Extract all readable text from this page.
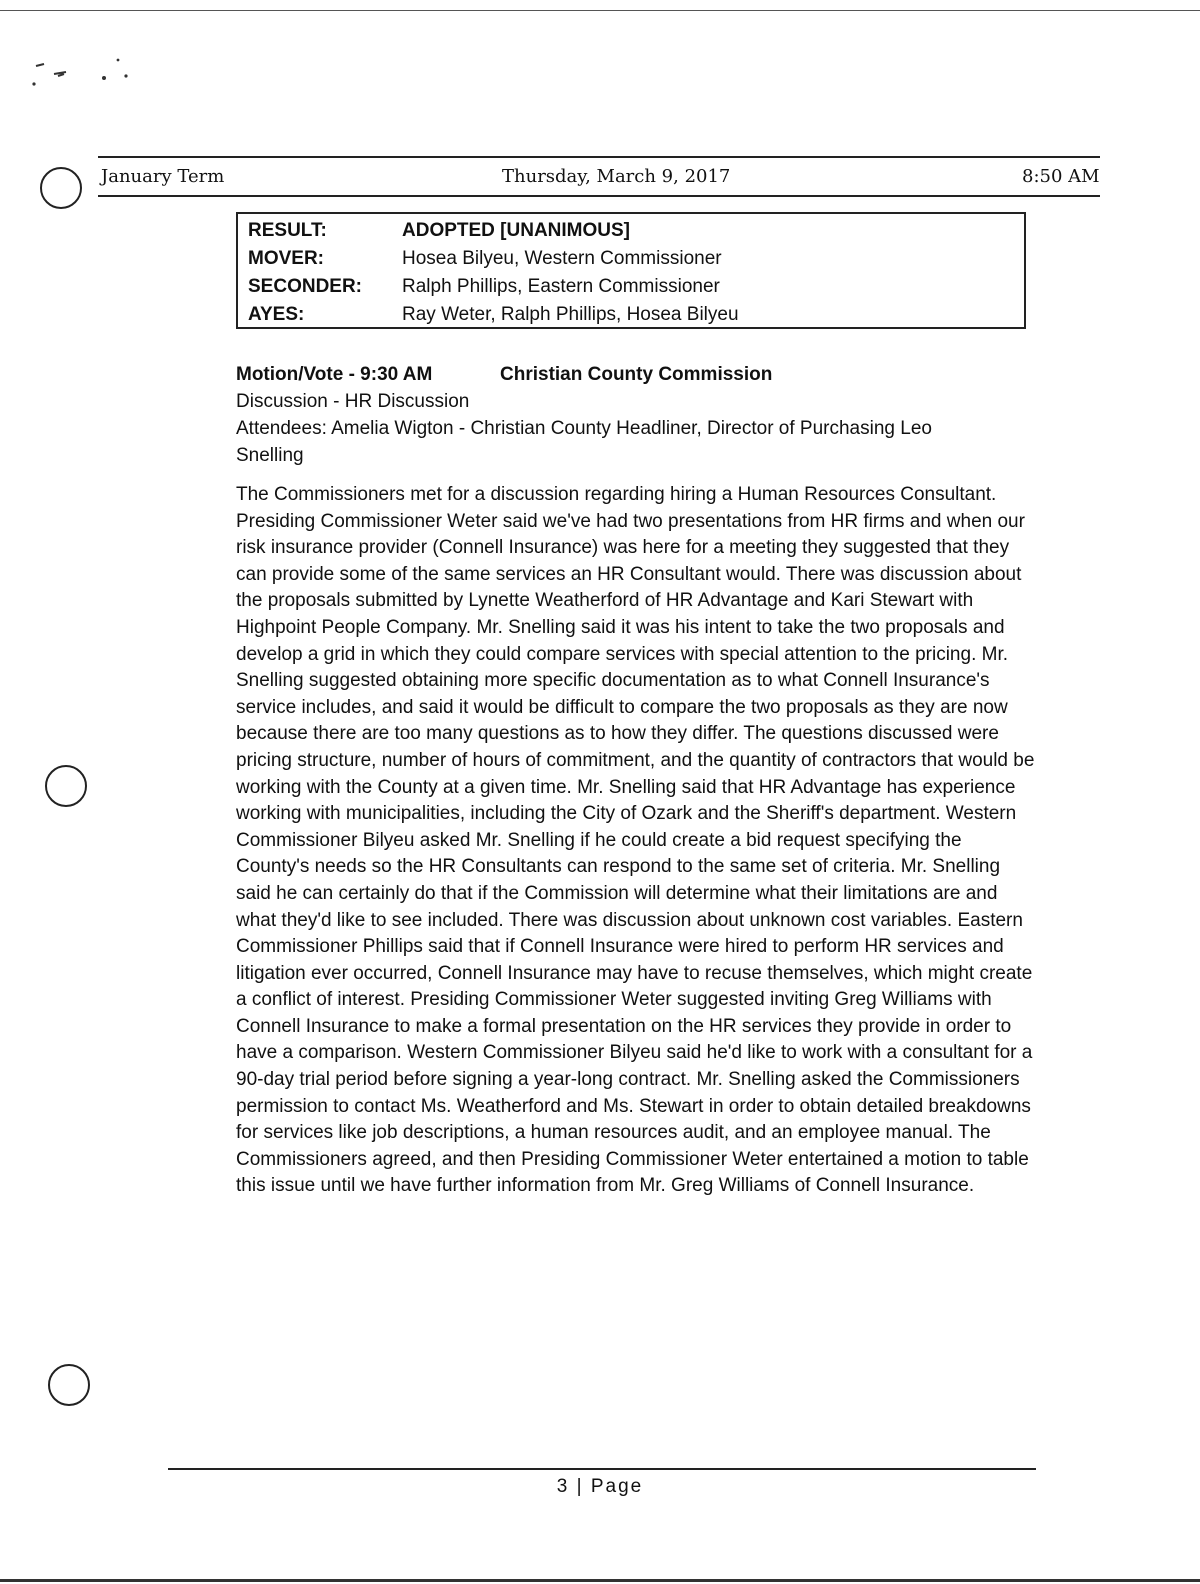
January Term	Thursday, March 9, 2017	8:50 AM
RESULT:	ADOPTED [UNANIMOUS]
MOVER:	Hosea Bilyeu, Western Commissioner
SECONDER: Ralph Phillips, Eastern Commissioner
AYES:	Ray Weter, Ralph Phillips, Hosea Bilyeu
Motion/Vote - 9:30 AM	Christian County Commission
Discussion - HR Discussion
Attendees: Amelia Wigton - Christian County Headliner, Director of Purchasing Leo
Snelling
The Commissioners met for a discussion regarding hiring a Human Resources Consultant. Presiding Commissioner Weter said we've had two presentations from HR firms and when our risk insurance provider (Connell Insurance) was here for a meeting they suggested that they can provide some of the same services an HR Consultant would. There was discussion about the proposals submitted by Lynette Weatherford of HR Advantage and Kari Stewart with Highpoint People Company. Mr. Snelling said it was his intent to take the two proposals and develop a grid in which they could compare services with special attention to the pricing. Mr. Snelling suggested obtaining more specific documentation as to what Connell Insurance's service includes, and said it would be difficult to compare the two proposals as they are now because there are too many questions as to how they differ. The questions discussed were pricing structure, number of hours of commitment, and the quantity of contractors that would be working with the County at a given time. Mr. Snelling said that HR Advantage has experience working with municipalities, including the City of Ozark and the Sheriff's department. Western Commissioner Bilyeu asked Mr. Snelling if he could create a bid request specifying the County's needs so the HR Consultants can respond to the same set of criteria. Mr. Snelling said he can certainly do that if the Commission will determine what their limitations are and what they'd like to see included. There was discussion about unknown cost variables. Eastern Commissioner Phillips said that if Connell Insurance were hired to perform HR services and litigation ever occurred, Connell Insurance may have to recuse themselves, which might create a conflict of interest. Presiding Commissioner Weter suggested inviting Greg Williams with Connell Insurance to make a formal presentation on the HR services they provide in order to have a comparison. Western Commissioner Bilyeu said he'd like to work with a consultant for a 90-day trial period before signing a year-long contract. Mr. Snelling asked the Commissioners permission to contact Ms. Weatherford and Ms. Stewart in order to obtain detailed breakdowns for services like job descriptions, a human resources audit, and an employee manual. The Commissioners agreed, and then Presiding Commissioner Weter entertained a motion to table this issue until we have further information from Mr. Greg Williams of Connell Insurance.
3 | Page
